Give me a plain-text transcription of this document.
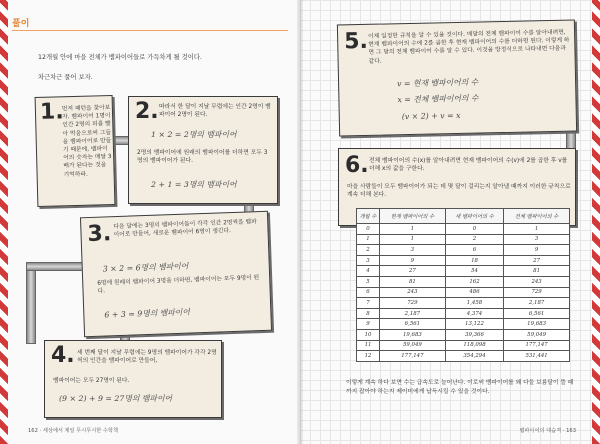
풀이
12개월 안에 마을 전체가 뱀파이어들로 가득차게 될 것이다.
차근차근 풀어 보자.
1.
먼저 패턴을 찾아보자. 뱀파이어 1명이 인간 2명의 피를 빨아 먹음으로써 그들을 뱀파이어로 만들기 때문에, 뱀파이어의 숫자는 매달 3배가 된다는 것을 기억하라.
2. 따라서 한 달이 지날 무렵에는 인간 2명이 뱀파이어 2명이 된다.
1 × 2 = 2명의 뱀파이어
2명의 뱀파이어에 원래의 뱀파이어를 더하면 모두 3명의 뱀파이어가 된다.
2 + 1 = 3명의 뱀파이어
3. 다음 달에는 3명의 뱀파이어들이 각각 인간 2명씩을 뱀파이어로 만들어, 새로운 뱀파이어 6명이 생긴다.
3 × 2 = 6명의 뱀파이어
6명에 원래의 뱀파이어 3명을 더하면, 뱀파이어는 모두 9명이 된다.
6 + 3 = 9명의 뱀파이어
4. 세 번째 달이 지날 무렵에는 9명의 뱀파이어가 각각 2명씩의 인간을 뱀파이어로 만들어,
뱀파이어는 모두 27명이 된다.
(9 × 2) + 9 = 27명의 뱀파이어
162 · 세상에서 제일 무시무시한 수학책
5. 이제 일정한 규칙을 알 수 있을 것이다. 매달의 전체 뱀파이어 수를 알아내려면, 현재 뱀파이어의 수에 2를 곱한 후 현재 뱀파이어의 수를 더하면 된다. 이렇게 하면 그 달의 전체 뱀파이어 수를 알 수 있다. 이것을 방정식으로 나타내면 다음과 같다.
v = 현재 뱀파이어의 수
x = 전체 뱀파이어의 수
(v × 2) + v = x
6. 전체 뱀파이어의 수(x)를 알아내려면 현재 뱀파이어의 수(v)에 2를 곱한 후 v를 더해 x의 값을 구한다.
마을 사람들이 모두 뱀파이어가 되는 데 몇 달이 걸리는지 알아낼 때까지 이러한 규칙으로 계속 더해 본다.
개월 수	현재 뱀파이어의 수	새 뱀파이어의 수	전체 뱀파이어의 수
0	1	0	1
1	1	2	3
2	3	6	9
3	9	18	27
4	27	54	81
5	81	162	243
6	243	486	729
7	729	1,458	2,187
8	2,187	4,374	6,561
9	6,561	13,122	19,683
10	19,683	39,366	59,049
11	59,049	118,098	177,147
12	177,147	354,294	531,441
이렇게 계속 하다 보면 수는 급속도로 늘어난다. 이로써 뱀파이어를 왜 다들 보름달이 뜰 때까지 잡아야 하는지 제이미에게 납득시킬 수 있을 것이다.
뱀파이어의 대습격 · 163
